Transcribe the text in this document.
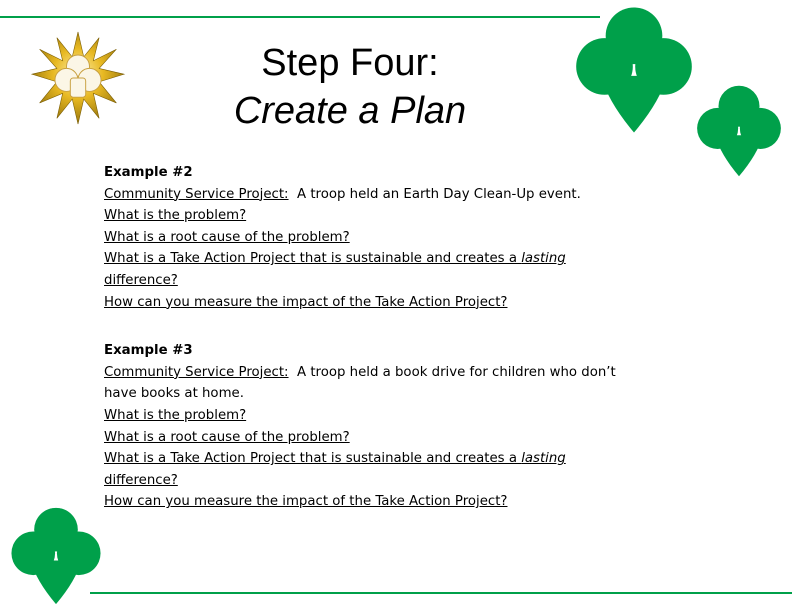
Step Four:
Create a Plan
Example #2
Community Service Project: A troop held an Earth Day Clean-Up event.
What is the problem?
What is a root cause of the problem?
What is a Take Action Project that is sustainable and creates a lasting
difference?
How can you measure the impact of the Take Action Project?
Example #3
Community Service Project: A troop held a book drive for children who don’t
have books at home.
What is the problem?
What is a root cause of the problem?
What is a Take Action Project that is sustainable and creates a lasting
difference?
How can you measure the impact of the Take Action Project?
